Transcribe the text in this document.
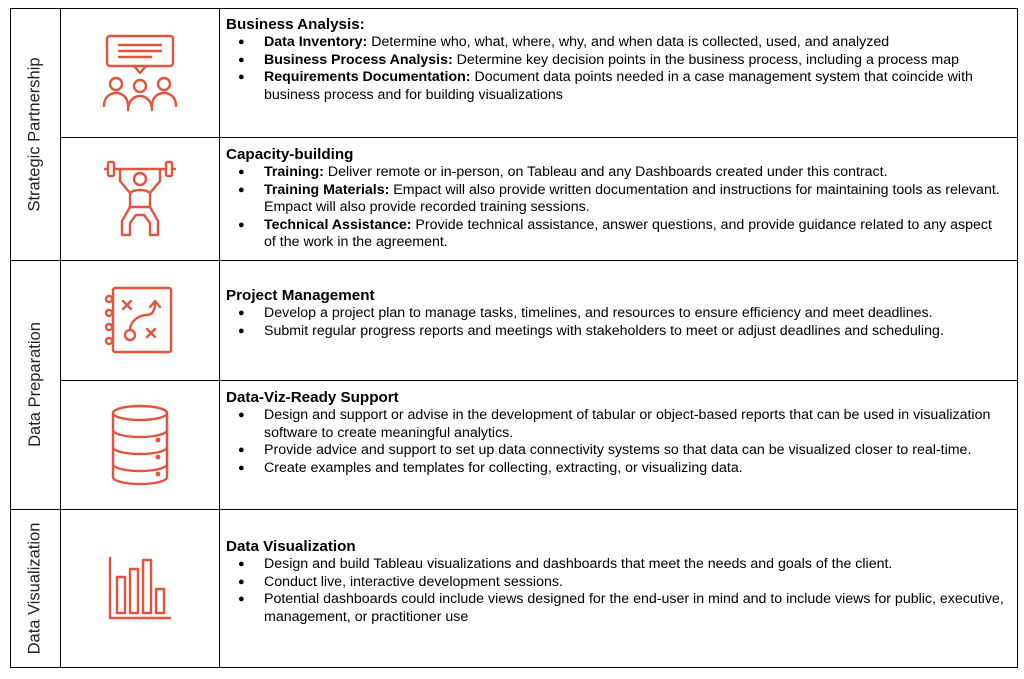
Strategic Partnership
Data Preparation
Data Visualization

Business Analysis:

● Data Inventory: Determine who, what, where, why, and when data is collected, used, and analyzed
● Business Process Analysis: Determine key decision points in the business process, including a process map
● Requirements Documentation: Document data points needed in a case management system that coincide with business process and for building visualizations

Capacity-building

● Training: Deliver remote or in-person, on Tableau and any Dashboards created under this contract.
● Training Materials: Empact will also provide written documentation and instructions for maintaining tools as relevant. Empact will also provide recorded training sessions.
● Technical Assistance: Provide technical assistance, answer questions, and provide guidance related to any aspect of the work in the agreement.

Project Management

● Develop a project plan to manage tasks, timelines, and resources to ensure efficiency and meet deadlines.
● Submit regular progress reports and meetings with stakeholders to meet or adjust deadlines and scheduling.

Data-Viz-Ready Support

● Design and support or advise in the development of tabular or object-based reports that can be used in visualization software to create meaningful analytics.
● Provide advice and support to set up data connectivity systems so that data can be visualized closer to real-time.
● Create examples and templates for collecting, extracting, or visualizing data.

Data Visualization

● Design and build Tableau visualizations and dashboards that meet the needs and goals of the client.
● Conduct live, interactive development sessions.
● Potential dashboards could include views designed for the end-user in mind and to include views for public, executive, management, or practitioner use
